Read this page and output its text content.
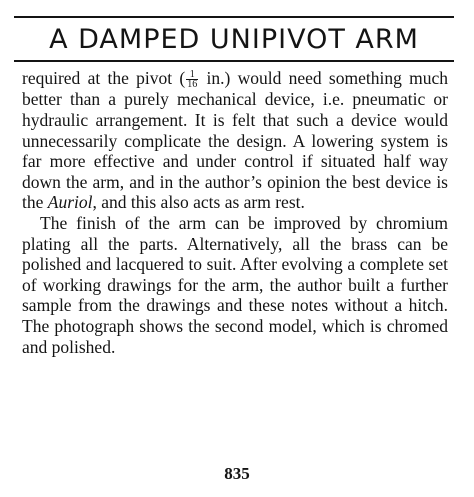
A DAMPED UNIPIVOT ARM

required at the pivot ( $\frac{1}{16} in$.) would need something much better than a purely mechanical device, i.e. pneumatic or hydraulic arrangement. It is felt that such a device would unnecessarily complicate the design. A lowering system is far more effective and under control if situated half way down the arm, and in the author’s opinion the best device is the Auriol, and this also acts as arm rest.

The finish of the arm can be improved by chromium plating all the parts. Alternatively, all the brass can be polished and lacquered to suit. After evolving a complete set of working drawings for the arm, the author built a further sample from the drawings and these notes without a hitch. The photograph shows the second model, which is chromed and polished.

835
